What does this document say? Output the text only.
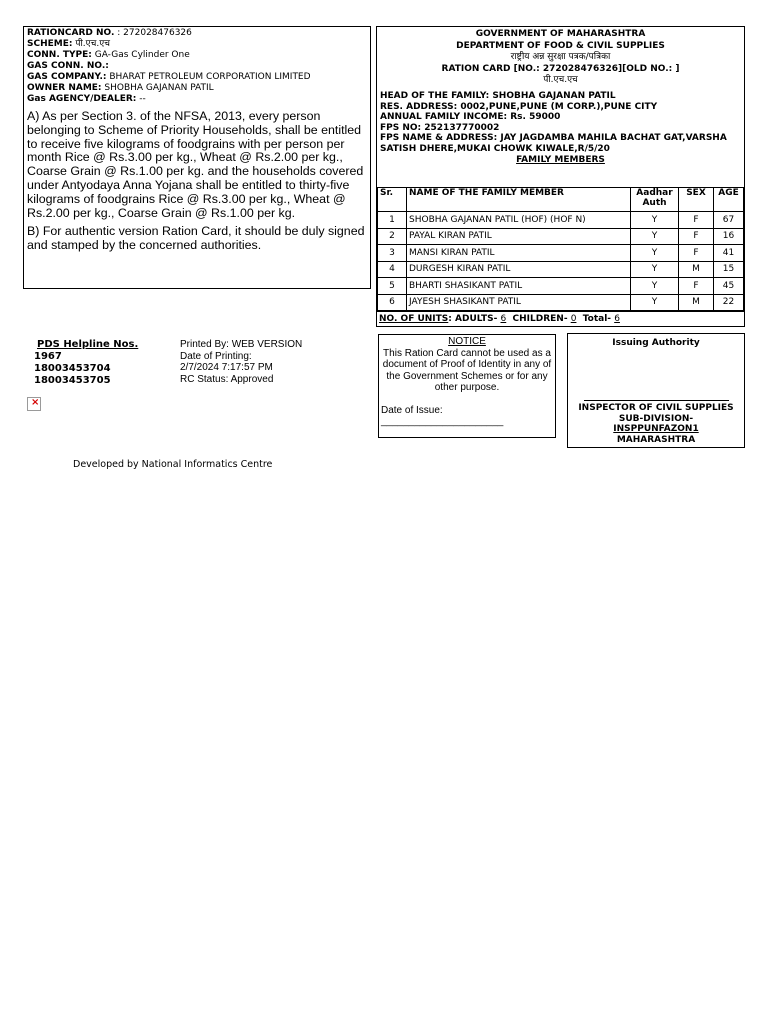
RATIONCARD NO. : 272028476326
SCHEME: पी.एच.एच
CONN. TYPE: GA-Gas Cylinder One
GAS CONN. NO.:
GAS COMPANY.: BHARAT PETROLEUM CORPORATION LIMITED
OWNER NAME: SHOBHA GAJANAN PATIL
Gas AGENCY/DEALER: --

A) As per Section 3. of the NFSA, 2013, every person belonging to Scheme of Priority Households, shall be entitled to receive five kilograms of foodgrains with per person per month Rice @ Rs.3.00 per kg., Wheat @ Rs.2.00 per kg., Coarse Grain @ Rs.1.00 per kg. and the households covered under Antyodaya Anna Yojana shall be entitled to thirty-five kilograms of foodgrains Rice @ Rs.3.00 per kg., Wheat @ Rs.2.00 per kg., Coarse Grain @ Rs.1.00 per kg.

B) For authentic version Ration Card, it should be duly signed and stamped by the concerned authorities.

GOVERNMENT OF MAHARASHTRA
DEPARTMENT OF FOOD & CIVIL SUPPLIES
राष्ट्रीय अन्न सुरक्षा पत्रक/पत्रिका
RATION CARD [NO.: 272028476326][OLD NO.: ]
पी.एच.एच
HEAD OF THE FAMILY: SHOBHA GAJANAN PATIL
RES. ADDRESS: 0002,PUNE,PUNE (M CORP.),PUNE CITY
ANNUAL FAMILY INCOME: Rs. 59000
FPS NO: 252137770002
FPS NAME & ADDRESS: JAY JAGDAMBA MAHILA BACHAT GAT,VARSHA SATISH DHERE,MUKAI CHOWK KIWALE,R/5/20
FAMILY MEMBERS
Sr.	NAME OF THE FAMILY MEMBER	Aadhar Auth	SEX	AGE
1	SHOBHA GAJANAN PATIL (HOF) (HOF N)	Y	F	67
2	PAYAL KIRAN PATIL	Y	F	16
3	MANSI KIRAN PATIL	Y	F	41
4	DURGESH KIRAN PATIL	Y	M	15
5	BHARTI SHASIKANT PATIL	Y	F	45
6	JAYESH SHASIKANT PATIL	Y	M	22
NO. OF UNITS: ADULTS- 6 CHILDREN- 0 Total- 6
PDS Helpline Nos.
1967
18003453704
18003453705
Printed By: WEB VERSION
Date of Printing:
2/7/2024 7:17:57 PM
RC Status: Approved
×
NOTICE
This Ration Card cannot be used as a document of Proof of Identity in any of the Government Schemes or for any other purpose.
Date of Issue:
______________________
Issuing Authority
INSPECTOR OF CIVIL SUPPLIES
SUB-DIVISION-
INSPPUNFAZON1
MAHARASHTRA
Developed by National Informatics Centre
